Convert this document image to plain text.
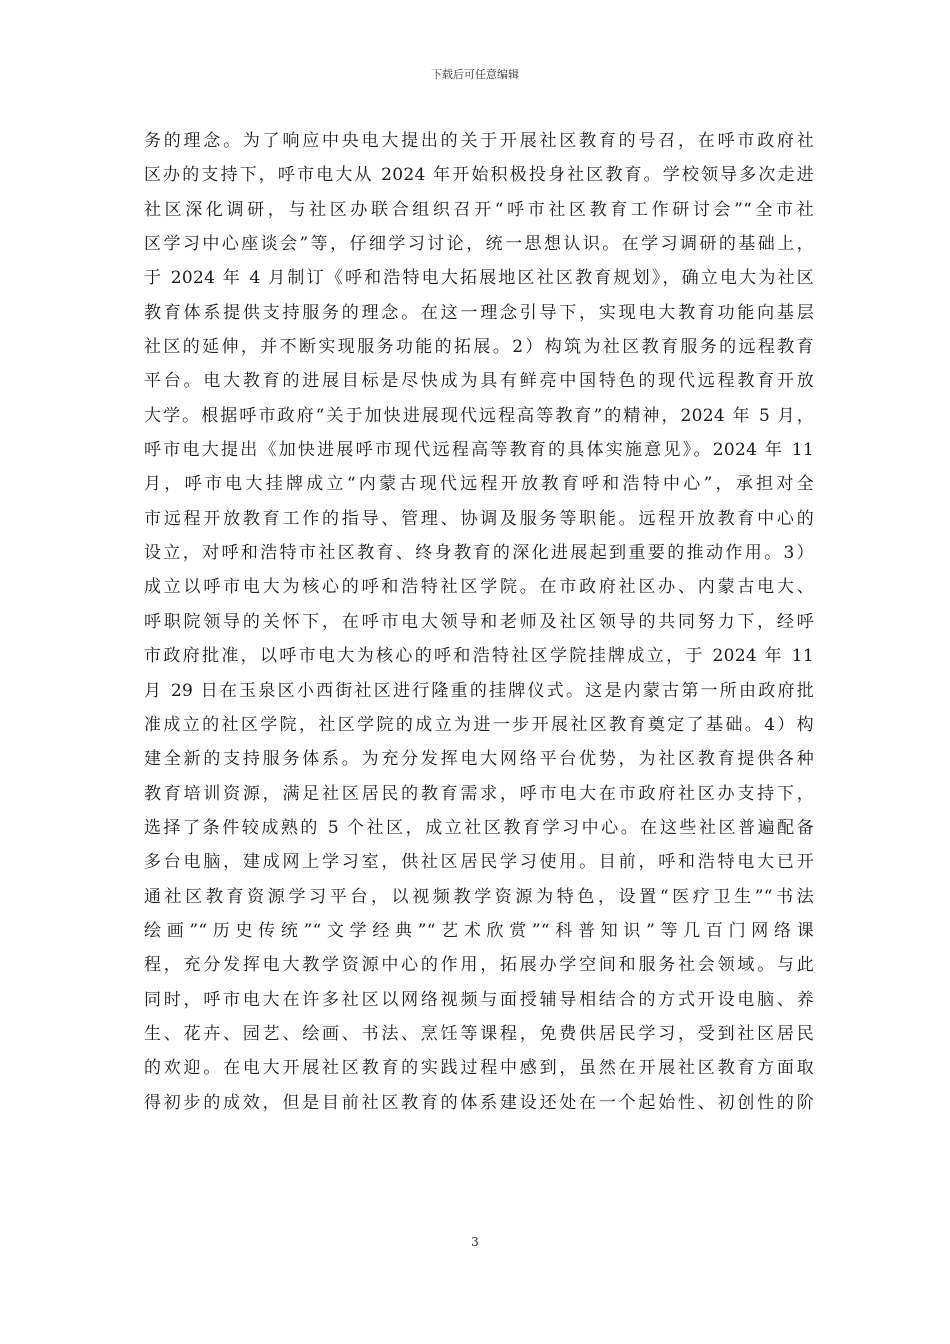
下载后可任意编辑
务的理念。为了响应中央电大提出的关于开展社区教育的号召，在呼市政府社
区办的支持下，呼市电大从 2024 年开始积极投身社区教育。学校领导多次走进
社区深化调研，与社区办联合组织召开“呼市社区教育工作研讨会”“全市社
区学习中心座谈会”等，仔细学习讨论，统一思想认识。在学习调研的基础上，
于 2024 年 4 月制订《呼和浩特电大拓展地区社区教育规划》，确立电大为社区
教育体系提供支持服务的理念。在这一理念引导下，实现电大教育功能向基层
社区的延伸，并不断实现服务功能的拓展。2）构筑为社区教育服务的远程教育
平台。电大教育的进展目标是尽快成为具有鲜亮中国特色的现代远程教育开放
大学。根据呼市政府“关于加快进展现代远程高等教育”的精神，2024 年 5 月，
呼市电大提出《加快进展呼市现代远程高等教育的具体实施意见》。2024 年 11
月，呼市电大挂牌成立“内蒙古现代远程开放教育呼和浩特中心”，承担对全
市远程开放教育工作的指导、管理、协调及服务等职能。远程开放教育中心的
设立，对呼和浩特市社区教育、终身教育的深化进展起到重要的推动作用。3）
成立以呼市电大为核心的呼和浩特社区学院。在市政府社区办、内蒙古电大、
呼职院领导的关怀下，在呼市电大领导和老师及社区领导的共同努力下，经呼
市政府批准，以呼市电大为核心的呼和浩特社区学院挂牌成立，于 2024 年 11
月 29 日在玉泉区小西街社区进行隆重的挂牌仪式。这是内蒙古第一所由政府批
准成立的社区学院，社区学院的成立为进一步开展社区教育奠定了基础。4）构
建全新的支持服务体系。为充分发挥电大网络平台优势，为社区教育提供各种
教育培训资源，满足社区居民的教育需求，呼市电大在市政府社区办支持下，
选择了条件较成熟的 5 个社区，成立社区教育学习中心。在这些社区普遍配备
多台电脑，建成网上学习室，供社区居民学习使用。目前，呼和浩特电大已开
通社区教育资源学习平台，以视频教学资源为特色，设置“医疗卫生”“书法
绘画”“历史传统”“文学经典”“艺术欣赏”“科普知识”等几百门网络课
程，充分发挥电大教学资源中心的作用，拓展办学空间和服务社会领域。与此
同时，呼市电大在许多社区以网络视频与面授辅导相结合的方式开设电脑、养
生、花卉、园艺、绘画、书法、烹饪等课程，免费供居民学习，受到社区居民
的欢迎。在电大开展社区教育的实践过程中感到，虽然在开展社区教育方面取
得初步的成效，但是目前社区教育的体系建设还处在一个起始性、初创性的阶
3
